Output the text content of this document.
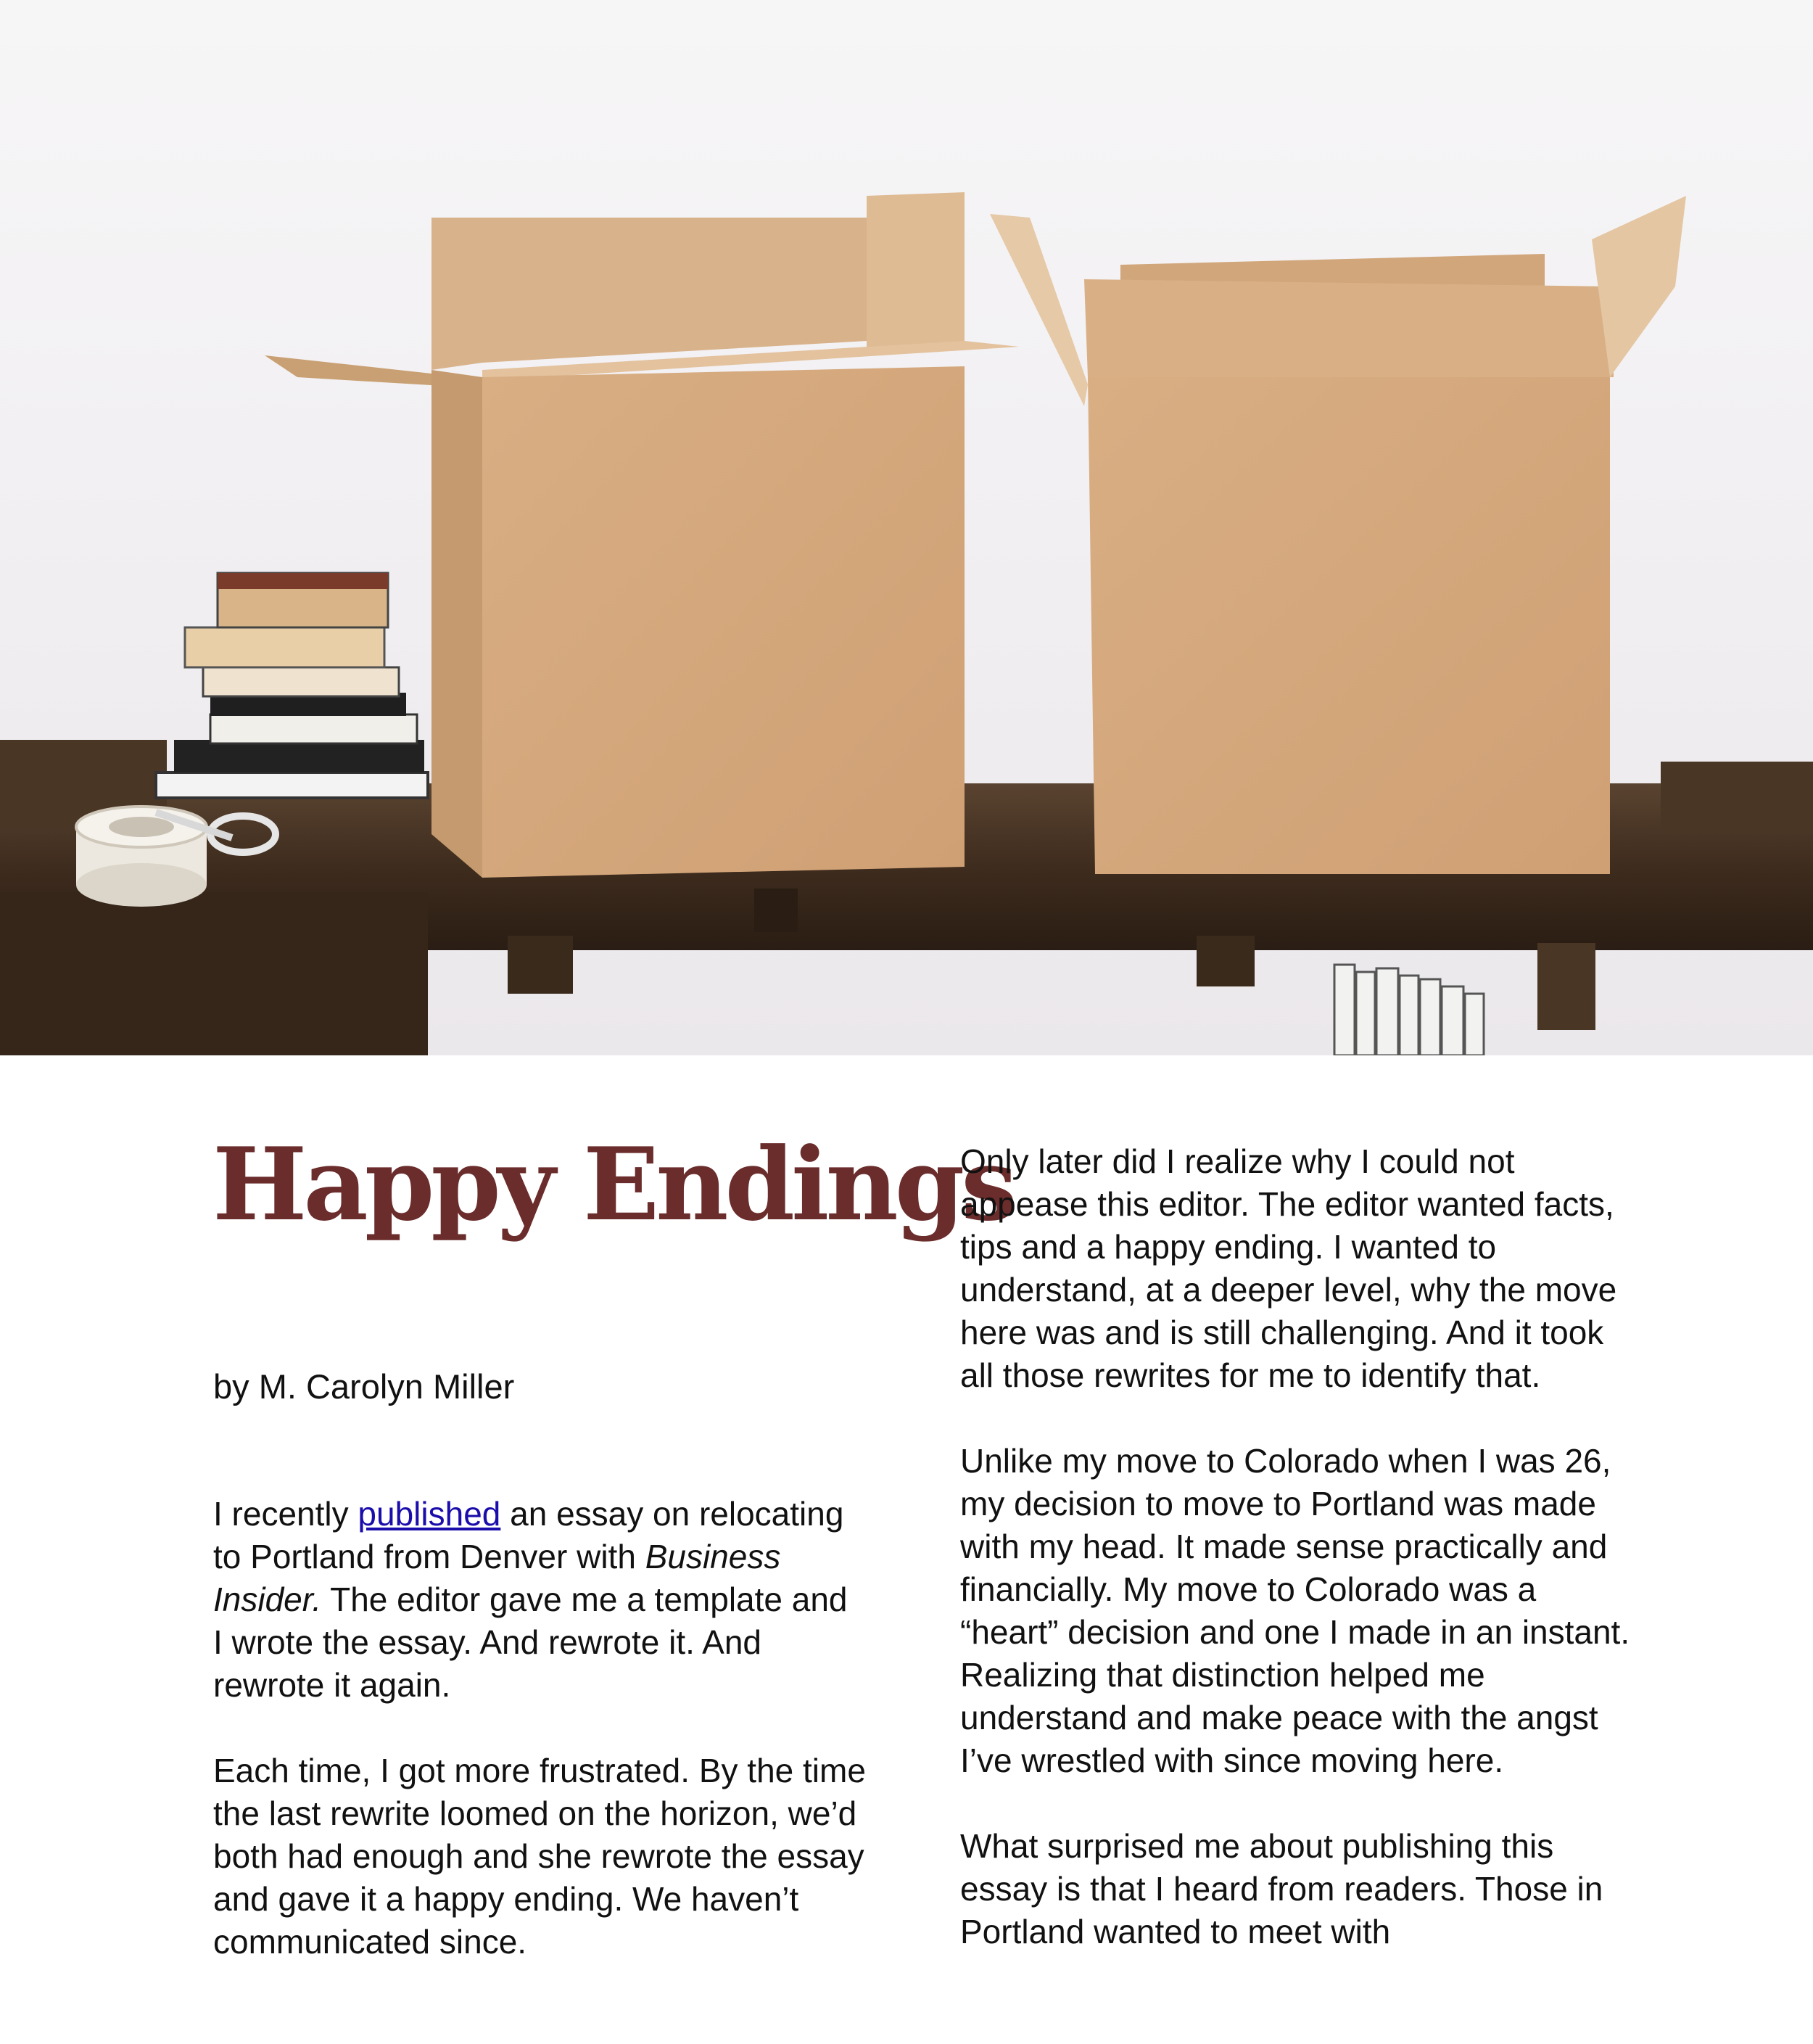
Happy Endings
by M. Carolyn Miller

I recently published an essay on relocating to Portland from Denver with Business Insider. The editor gave me a template and I wrote the essay. And rewrote it. And rewrote it again.

Each time, I got more frustrated. By the time the last rewrite loomed on the horizon, we’d both had enough and she rewrote the essay and gave it a happy ending. We haven’t communicated since.

Only later did I realize why I could not appease this editor. The editor wanted facts, tips and a happy ending. I wanted to understand, at a deeper level, why the move here was and is still challenging. And it took all those rewrites for me to identify that.

Unlike my move to Colorado when I was 26, my decision to move to Portland was made with my head. It made sense practically and financially. My move to Colorado was a “heart” decision and one I made in an instant. Realizing that distinction helped me understand and make peace with the angst I’ve wrestled with since moving here.

What surprised me about publishing this essay is that I heard from readers. Those in Portland wanted to meet with
